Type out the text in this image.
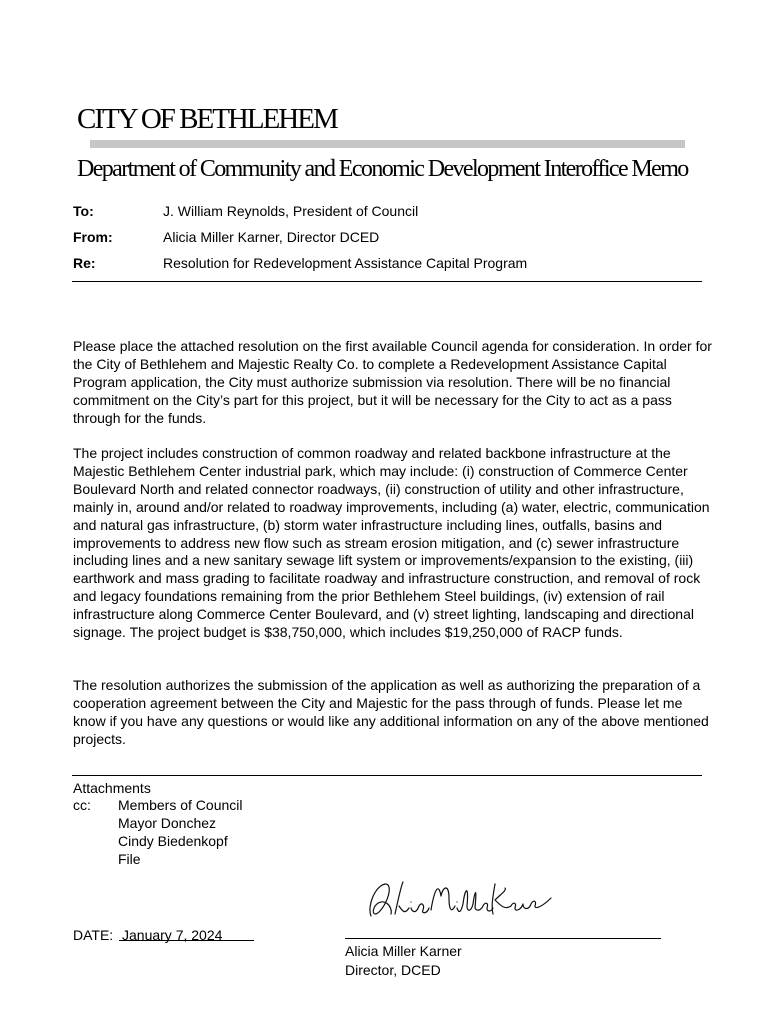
CITY OF BETHLEHEM
Department of Community and Economic Development Interoffice Memo
To:	J. William Reynolds, President of Council
From:	Alicia Miller Karner, Director DCED
Re:	Resolution for Redevelopment Assistance Capital Program

Please place the attached resolution on the first available Council agenda for consideration. In order for the City of Bethlehem and Majestic Realty Co. to complete a Redevelopment Assistance Capital Program application, the City must authorize submission via resolution. There will be no financial commitment on the City’s part for this project, but it will be necessary for the City to act as a pass through for the funds.

The project includes construction of common roadway and related backbone infrastructure at the Majestic Bethlehem Center industrial park, which may include: (i) construction of Commerce Center Boulevard North and related connector roadways, (ii) construction of utility and other infrastructure, mainly in, around and/or related to roadway improvements, including (a) water, electric, communication and natural gas infrastructure, (b) storm water infrastructure including lines, outfalls, basins and improvements to address new flow such as stream erosion mitigation, and (c) sewer infrastructure including lines and a new sanitary sewage lift system or improvements/expansion to the existing, (iii) earthwork and mass grading to facilitate roadway and infrastructure construction, and removal of rock and legacy foundations remaining from the prior Bethlehem Steel buildings, (iv) extension of rail infrastructure along Commerce Center Boulevard, and (v) street lighting, landscaping and directional signage. The project budget is $38,750,000, which includes $19,250,000 of RACP funds.

The resolution authorizes the submission of the application as well as authorizing the preparation of a cooperation agreement between the City and Majestic for the pass through of funds. Please let me know if you have any questions or would like any additional information on any of the above mentioned projects.

Attachments
cc: Members of Council
Mayor Donchez
Cindy Biedenkopf
File
Alicia Miller Karner
DATE: January 7, 2024
Alicia Miller Karner
Director, DCED
